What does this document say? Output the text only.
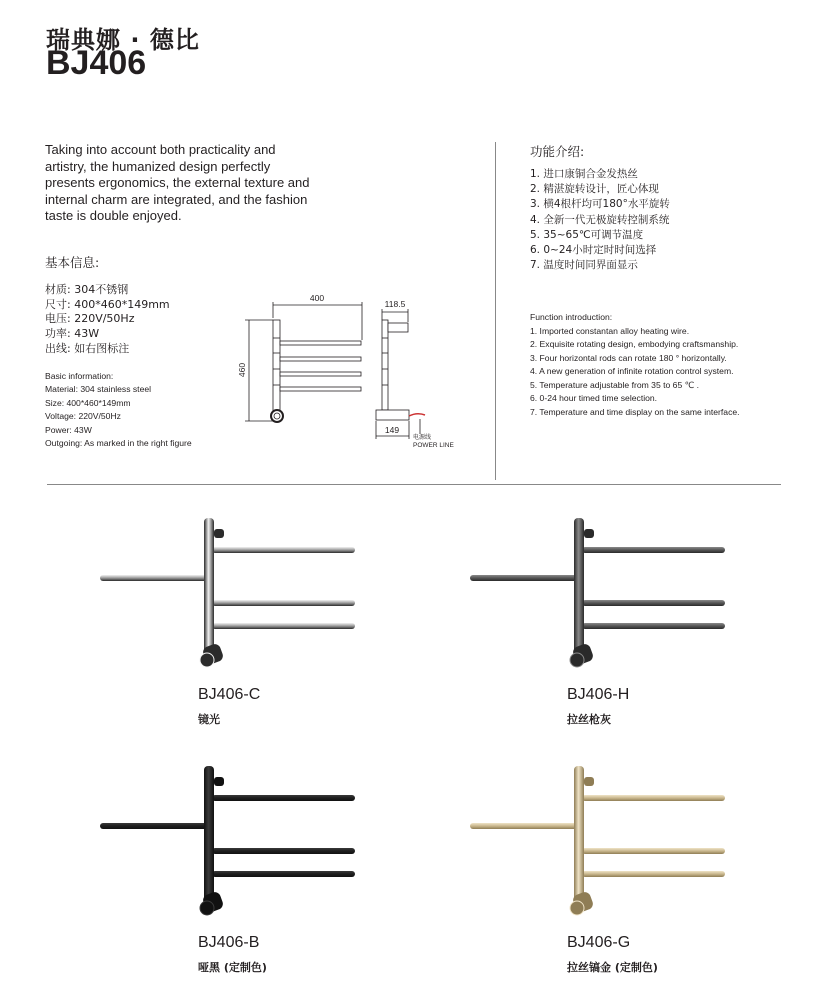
瑞典娜 · 德比
BJ406
Taking into account both practicality and artistry, the humanized design perfectly presents ergonomics, the external texture and internal charm are integrated, and the fashion taste is double enjoyed.
基本信息:
材质: 304不锈钢
尺寸: 400*460*149mm
电压: 220V/50Hz
功率: 43W
出线: 如右图标注
Basic information:
Material: 304 stainless steel
Size: 400*460*149mm
Voltage: 220V/50Hz
Power: 43W
Outgoing: As marked in the right figure
400
460
118.5
149
电源线
POWER LINE
功能介绍:
1. 进口康铜合金发热丝
2. 精湛旋转设计，匠心体现
3. 横4根杆均可180°水平旋转
4. 全新一代无极旋转控制系统
5. 35~65℃可调节温度
6. 0~24小时定时时间选择
7. 温度时间同界面显示
Function introduction:
1. Imported constantan alloy heating wire.
2. Exquisite rotating design, embodying craftsmanship.
3. Four horizontal rods can rotate 180 ° horizontally.
4. A new generation of infinite rotation control system.
5. Temperature adjustable from 35 to 65 ℃ .
6. 0-24 hour timed time selection.
7. Temperature and time display on the same interface.
BJ406-C
镜光
BJ406-H
拉丝枪灰
BJ406-B
哑黑 (定制色)
BJ406-G
拉丝镐金 (定制色)
